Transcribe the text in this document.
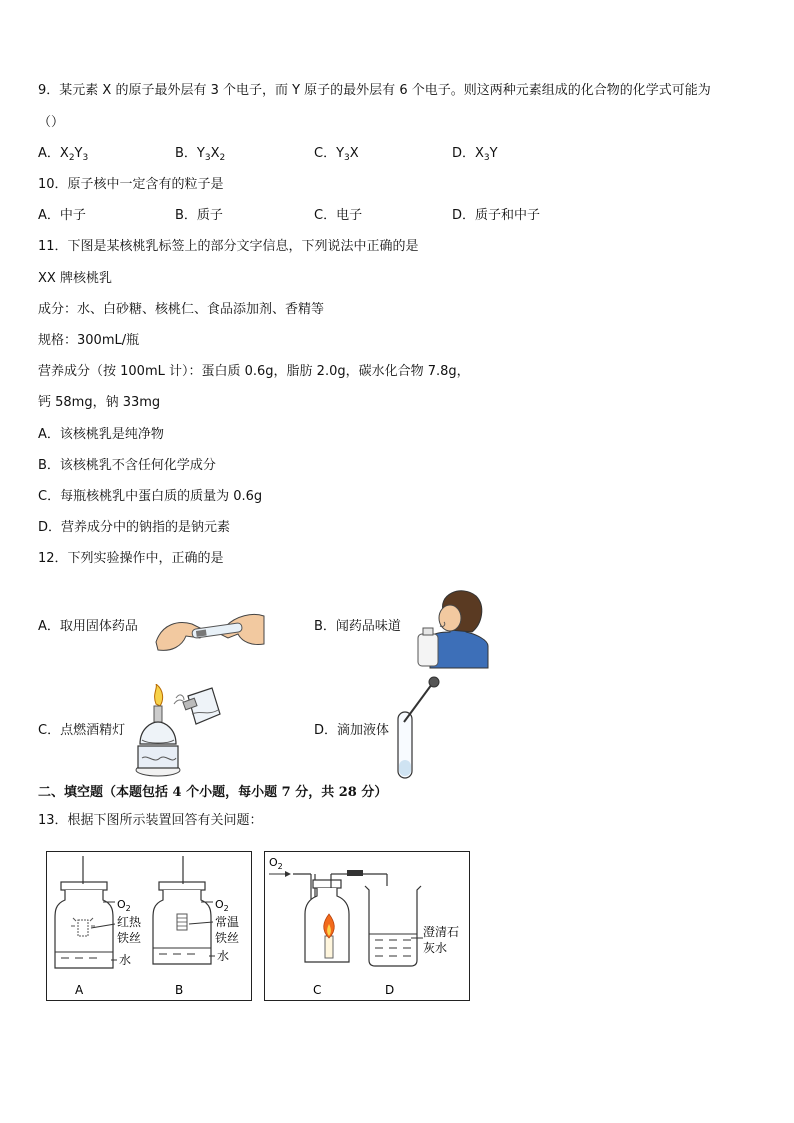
9．某元素 X 的原子最外层有 3 个电子，而 Y 原子的最外层有 6 个电子。则这两种元素组成的化合物的化学式可能为
（）
A．$X_2Y_3$	B．$Y_3X_2$	C．$Y_3X$	D．$X_3Y$
10．原子核中一定含有的粒子是
A．中子	B．质子	C．电子	D．质子和中子
11．下图是某核桃乳标签上的部分文字信息，下列说法中正确的是
XX 牌核桃乳
成分：水、白砂糖、核桃仁、食品添加剂、香精等
规格：300mL/瓶
营养成分（按 100mL 计）：蛋白质 0.6g，脂肪 2.0g，碳水化合物 7.8g，
钙 58mg，钠 33mg
A．该核桃乳是纯净物
B．该核桃乳不含任何化学成分
C．每瓶核桃乳中蛋白质的质量为 0.6g
D．营养成分中的钠指的是钠元素
12．下列实验操作中，正确的是
A．取用固体药品	B．闻药品味道
C．点燃酒精灯	D．滴加液体
二、填空题（本题包括 4 个小题，每小题 7 分，共 28 分）
13．根据下图所示装置回答有关问题：
$O_2$
红热
铁丝
水
$O_2$
常温
铁丝
水
A	B
$O_2$
澄清石
灰水
C	D
